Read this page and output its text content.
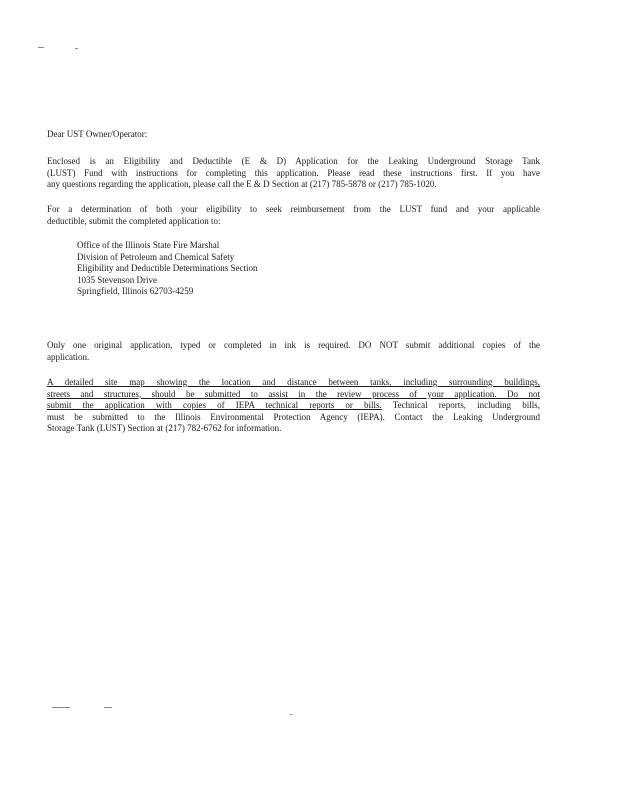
Dear UST Owner/Operator:
Enclosed is an Eligibility and Deductible (E & D) Application for the Leaking Underground Storage Tank
(LUST) Fund with instructions for completing this application. Please read these instructions first. If you have
any questions regarding the application, please call the E & D Section at (217) 785-5878 or (217) 785-1020.
For a determination of both your eligibility to seek reimbursement from the LUST fund and your applicable
deductible, submit the completed application to:
Office of the Illinois State Fire Marshal
Division of Petroleum and Chemical Safety
Eligibility and Deductible Determinations Section
1035 Stevenson Drive
Springfield, Illinois 62703-4259
Only one original application, typed or completed in ink is required. DO NOT submit additional copies of the
application.
A detailed site map showing the location and distance between tanks, including surrounding buildings,
streets and structures, should be submitted to assist in the review process of your application. Do not
submit the application with copies of IEPA technical reports or bills. Technical reports, including bills,
must be submitted to the Illinois Environmental Protection Agency (IEPA). Contact the Leaking Underground
Storage Tank (LUST) Section at (217) 782-6762 for information.
